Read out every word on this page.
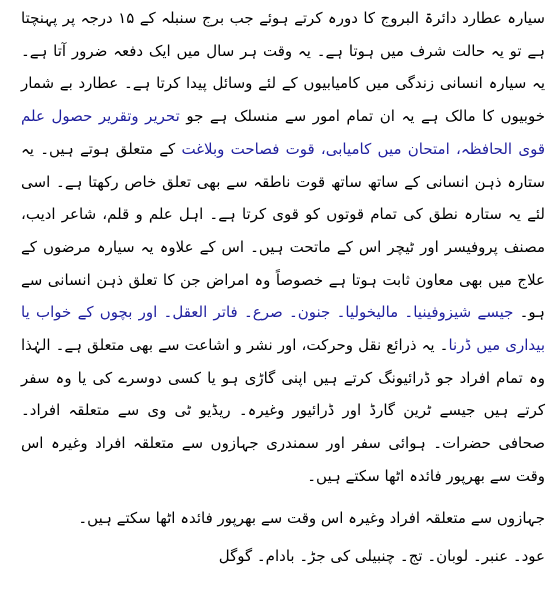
سیارہ عطارد دائرۃ البروج کا دورہ کرتے ہوئے جب برج سنبلہ کے ۱۵ درجہ پر پہنچتا ہے تو یہ حالت شرف میں ہوتا ہے۔ یہ وقت ہر سال میں ایک دفعہ ضرور آتا ہے۔ یہ سیارہ انسانی زندگی میں کامیابیوں کے لئے وسائل پیدا کرتا ہے۔ عطارد بے شمار خوبیوں کا مالک ہے یہ ان تمام امور سے منسلک ہے جو تحریر وتقریر حصول علم قوی الحافظہ، امتحان میں کامیابی، قوت فصاحت وبلاغت کے متعلق ہوتے ہیں۔ یہ ستارہ ذہن انسانی کے ساتھ ساتھ قوت ناطقہ سے بھی تعلق خاص رکھتا ہے۔ اسی لئے یہ ستارہ نطق کی تمام قوتوں کو قوی کرتا ہے۔ اہل علم و قلم، شاعر ادیب، مصنف پروفیسر اور ٹیچر اس کے ماتحت ہیں۔ اس کے علاوہ یہ سیارہ مرضوں کے علاج میں بھی معاون ثابت ہوتا ہے خصوصاً وہ امراض جن کا تعلق ذہن انسانی سے ہو۔ جیسے شیزوفینیا۔ مالیخولیا۔ جنون۔ صرع۔ فاتر العقل۔ اور بچوں کے خواب یا بیداری میں ڈرنا۔ یہ ذرائع نقل وحرکت، اور نشر و اشاعت سے بھی متعلق ہے۔ الہٰذا وہ تمام افراد جو ڈرائیونگ کرتے ہیں اپنی گاڑی ہو یا کسی دوسرے کی یا وہ سفر کرتے ہیں جیسے ٹرین گارڈ اور ڈرائیور وغیرہ۔ ریڈیو ٹی وی سے متعلقہ افراد۔ صحافی حضرات۔ ہوائی سفر اور سمندری جہازوں سے متعلقہ افراد وغیرہ اس وقت سے بھرپور فائدہ اٹھا سکتے ہیں۔

جہازوں سے متعلقہ افراد وغیرہ اس وقت سے بھرپور فائدہ اٹھا سکتے ہیں۔

عود۔ عنبر۔ لوبان۔ تج۔ چنبیلی کی جڑ۔ بادام۔ گوگل
